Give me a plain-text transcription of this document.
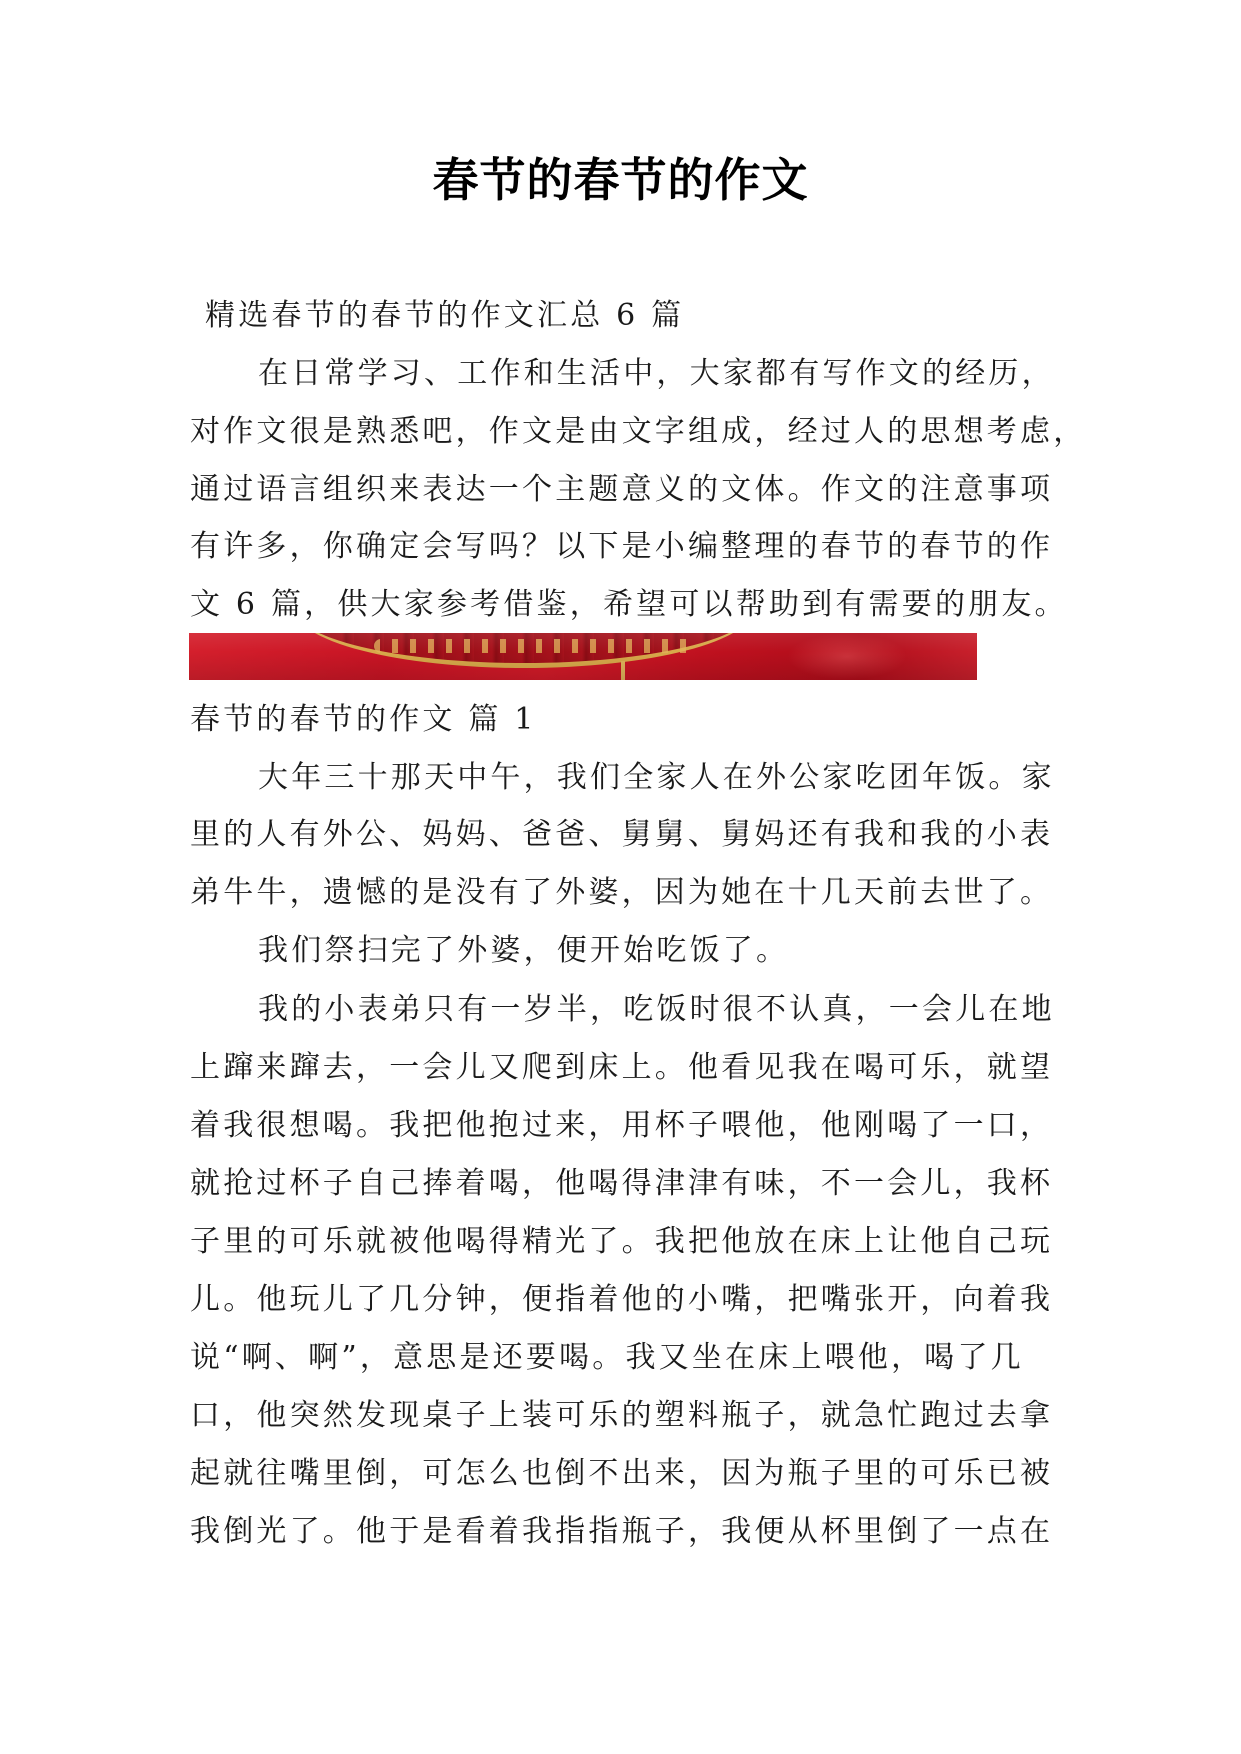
春节的春节的作文

精选春节的春节的作文汇总 6 篇

在日常学习、工作和生活中，大家都有写作文的经历，

对作文很是熟悉吧，作文是由文字组成，经过人的思想考虑，

通过语言组织来表达一个主题意义的文体。作文的注意事项

有许多，你确定会写吗？以下是小编整理的春节的春节的作

文 6 篇，供大家参考借鉴，希望可以帮助到有需要的朋友。

春节的春节的作文 篇 1

大年三十那天中午，我们全家人在外公家吃团年饭。家

里的人有外公、妈妈、爸爸、舅舅、舅妈还有我和我的小表

弟牛牛，遗憾的是没有了外婆，因为她在十几天前去世了。

我们祭扫完了外婆，便开始吃饭了。

我的小表弟只有一岁半，吃饭时很不认真，一会儿在地

上蹿来蹿去，一会儿又爬到床上。他看见我在喝可乐，就望

着我很想喝。我把他抱过来，用杯子喂他，他刚喝了一口，

就抢过杯子自己捧着喝，他喝得津津有味，不一会儿，我杯

子里的可乐就被他喝得精光了。我把他放在床上让他自己玩

儿。他玩儿了几分钟，便指着他的小嘴，把嘴张开，向着我

说“啊、啊”，意思是还要喝。我又坐在床上喂他，喝了几

口，他突然发现桌子上装可乐的塑料瓶子，就急忙跑过去拿

起就往嘴里倒，可怎么也倒不出来，因为瓶子里的可乐已被

我倒光了。他于是看着我指指瓶子，我便从杯里倒了一点在
